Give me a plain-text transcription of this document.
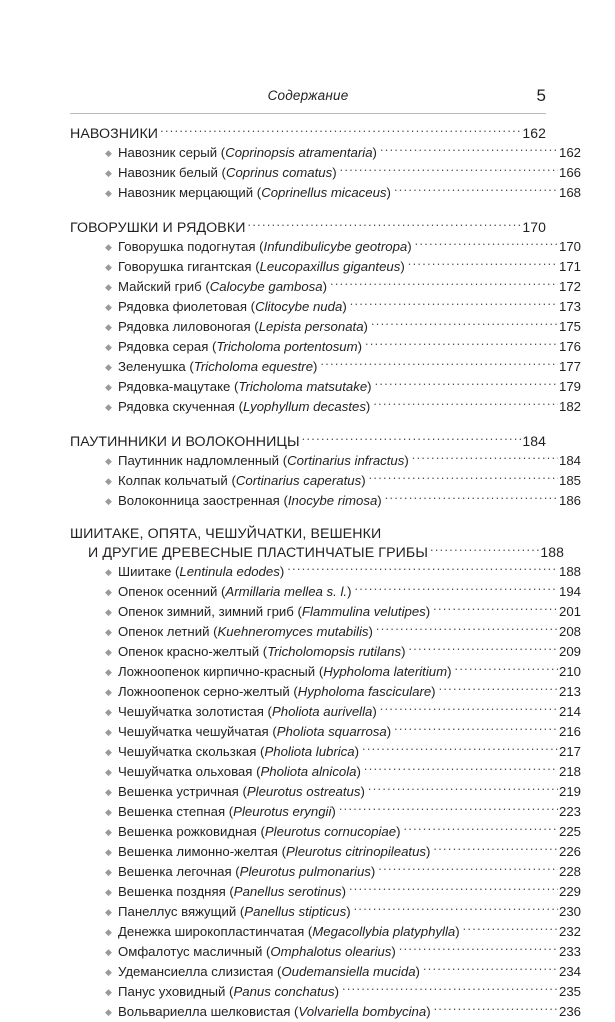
Содержание	5
НАВОЗНИКИ .....	162
◆ Навозник серый (Coprinopsis atramentaria) .....	162
◆ Навозник белый (Coprinus comatus) .....	166
◆ Навозник мерцающий (Coprinellus micaceus) .....	168
ГОВОРУШКИ И РЯДОВКИ .....	170
◆ Говорушка подогнутая (Infundibulicybe geotropa) .....	170
◆ Говорушка гигантская (Leucopaxillus giganteus) .....	171
◆ Майский гриб (Calocybe gambosa) .....	172
◆ Рядовка фиолетовая (Clitocybe nuda) .....	173
◆ Рядовка лиловоногая (Lepista personata) .....	175
◆ Рядовка серая (Tricholoma portentosum) .....	176
◆ Зеленушка (Tricholoma equestre) .....	177
◆ Рядовка-мацутаке (Tricholoma matsutake) .....	179
◆ Рядовка скученная (Lyophyllum decastes) .....	182
ПАУТИННИКИ И ВОЛОКОННИЦЫ .....	184
◆ Паутинник надломленный (Cortinarius infractus) .....	184
◆ Колпак кольчатый (Cortinarius caperatus) .....	185
◆ Волоконница заостренная (Inocybe rimosa) .....	186
ШИИТАКЕ, ОПЯТА, ЧЕШУЙЧАТКИ, ВЕШЕНКИ
И ДРУГИЕ ДРЕВЕСНЫЕ ПЛАСТИНЧАТЫЕ ГРИБЫ .....	188
◆ Шиитаке (Lentinula edodes) .....	188
◆ Опенок осенний (Armillaria mellea s. l.) .....	194
◆ Опенок зимний, зимний гриб (Flammulina velutipes) .....	201
◆ Опенок летний (Kuehneromyces mutabilis) .....	208
◆ Опенок красно-желтый (Tricholomopsis rutilans) .....	209
◆ Ложноопенок кирпично-красный (Hypholoma lateritium) .....	210
◆ Ложноопенок серно-желтый (Hypholoma fasciculare) .....	213
◆ Чешуйчатка золотистая (Pholiota aurivella) .....	214
◆ Чешуйчатка чешуйчатая (Pholiota squarrosa) .....	216
◆ Чешуйчатка скользкая (Pholiota lubrica) .....	217
◆ Чешуйчатка ольховая (Pholiota alnicola) .....	218
◆ Вешенка устричная (Pleurotus ostreatus) .....	219
◆ Вешенка степная (Pleurotus eryngii) .....	223
◆ Вешенка рожковидная (Pleurotus cornucopiae) .....	225
◆ Вешенка лимонно-желтая (Pleurotus citrinopileatus) .....	226
◆ Вешенка легочная (Pleurotus pulmonarius) .....	228
◆ Вешенка поздняя (Panellus serotinus) .....	229
◆ Панеллус вяжущий (Panellus stipticus) .....	230
◆ Денежка широкопластинчатая (Megacollybia platyphylla) .....	232
◆ Омфалотус масличный (Omphalotus olearius) .....	233
◆ Удемансиелла слизистая (Oudemansiella mucida) .....	234
◆ Панус уховидный (Panus conchatus) .....	235
◆ Вольвариелла шелковистая (Volvariella bombycina) .....	236
